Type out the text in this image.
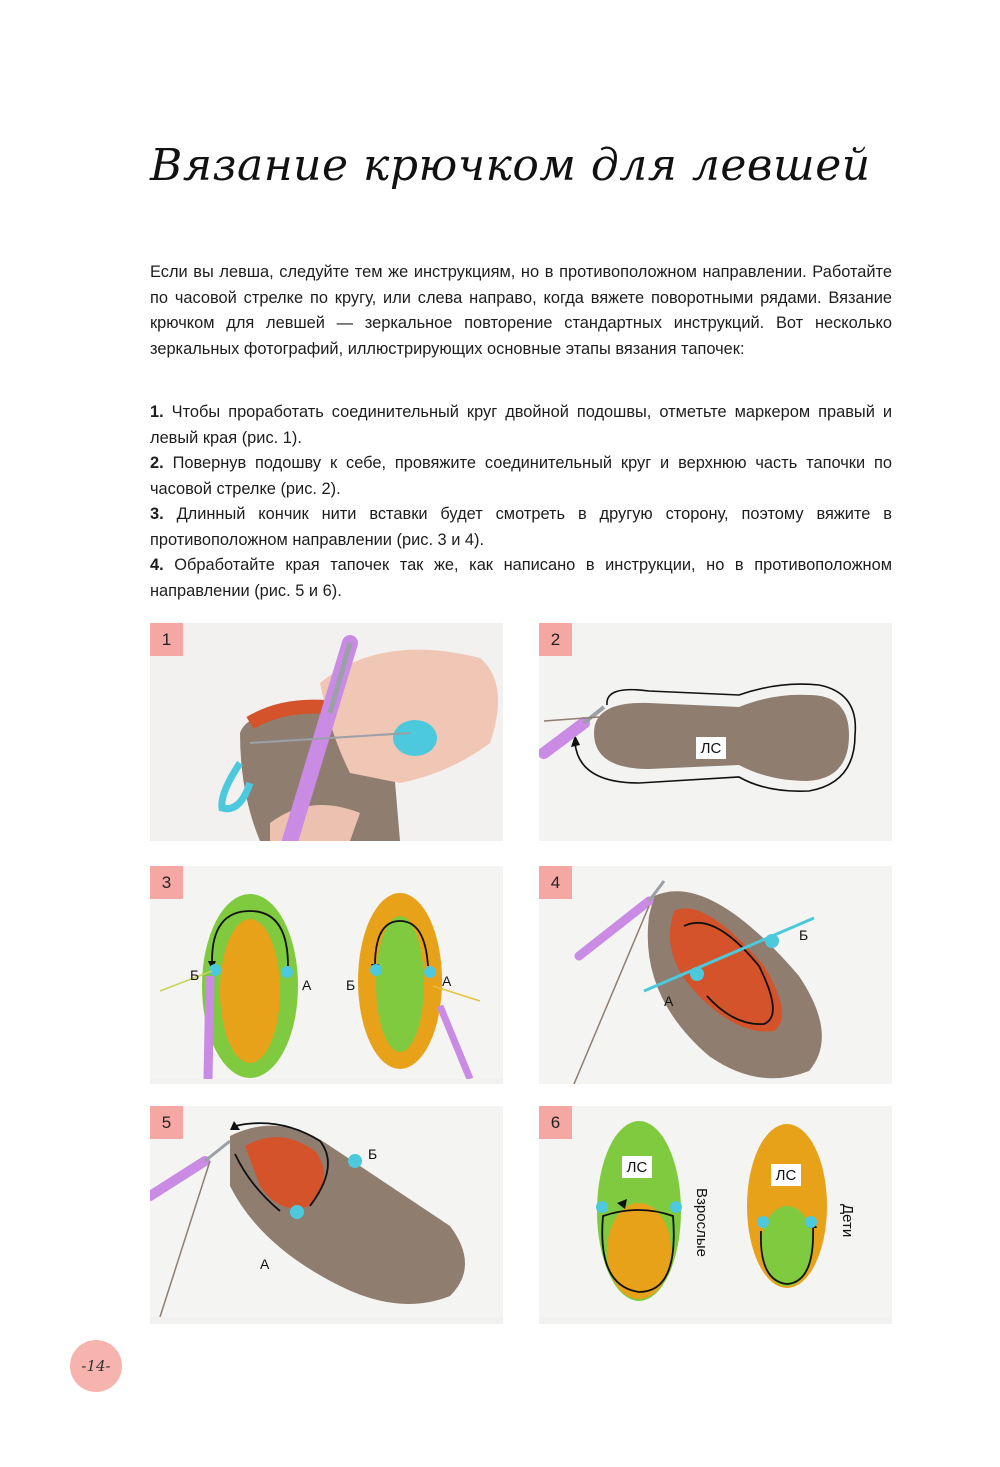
Вязание крючком для левшей
Если вы левша, следуйте тем же инструкциям, но в противоположном направлении. Работайте по часовой стрелке по кругу, или слева направо, когда вяжете поворотными рядами. Вязание крючком для левшей — зеркальное повторение стандартных инструкций. Вот несколько зеркальных фотографий, иллюстрирующих основные этапы вязания тапочек:

1. Чтобы проработать соединительный круг двойной подошвы, отметьте маркером правый и левый края (рис. 1).

2. Повернув подошву к себе, провяжите соединительный круг и верхнюю часть тапочки по часовой стрелке (рис. 2).

3. Длинный кончик нити вставки будет смотреть в другую сторону, поэтому вяжите в противоположном направлении (рис. 3 и 4).

4. Обработайте края тапочек так же, как написано в инструкции, но в противоположном направлении (рис. 5 и 6).

1	2
ЛС
3
Б
А Б	А
4
Б
А
5
Б
А
6
ЛС	ЛС
Взрослые	Дети
-14-
